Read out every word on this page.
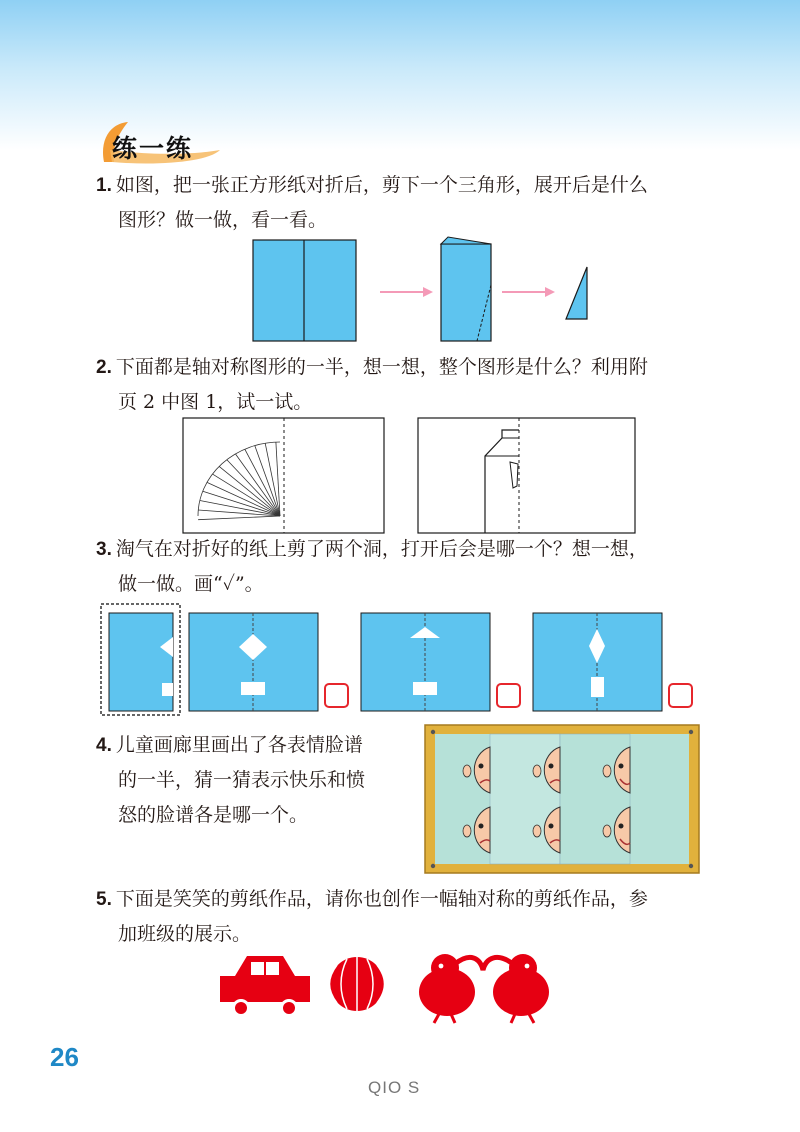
练一练
1. 如图，把一张正方形纸对折后，剪下一个三角形，展开后是什么
图形？做一做，看一看。
2. 下面都是轴对称图形的一半，想一想，整个图形是什么？利用附
页 2 中图 1，试一试。
3. 淘气在对折好的纸上剪了两个洞，打开后会是哪一个？想一想，
做一做。画“✓”。
4. 儿童画廊里画出了各表情脸谱
的一半，猜一猜表示快乐和愤
怒的脸谱各是哪一个。
5. 下面是笑笑的剪纸作品，请你也创作一幅轴对称的剪纸作品，参
加班级的展示。
26
QIO S
